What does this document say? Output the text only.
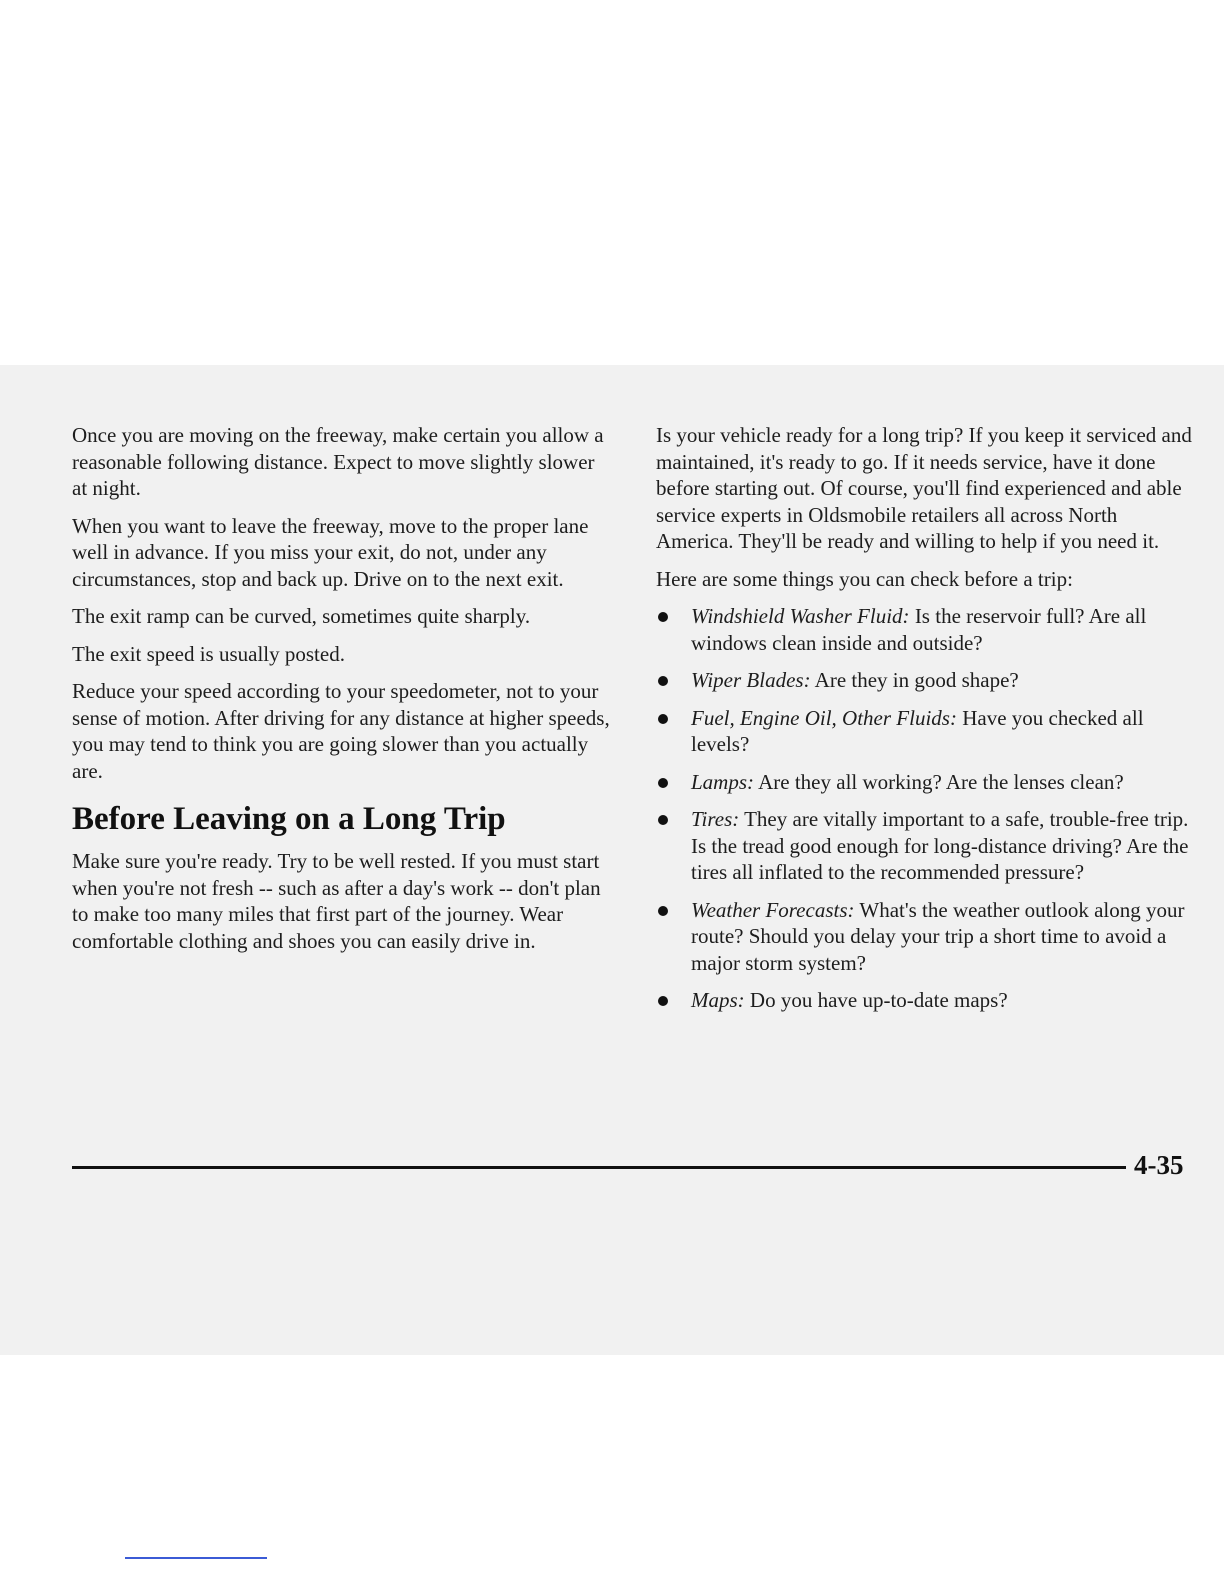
Once you are moving on the freeway, make certain you allow a reasonable following distance. Expect to move slightly slower at night.

When you want to leave the freeway, move to the proper lane well in advance. If you miss your exit, do not, under any circumstances, stop and back up. Drive on to the next exit.

The exit ramp can be curved, sometimes quite sharply.

The exit speed is usually posted.

Reduce your speed according to your speedometer, not to your sense of motion. After driving for any distance at higher speeds, you may tend to think you are going slower than you actually are.

Before Leaving on a Long Trip

Make sure you're ready. Try to be well rested. If you must start when you're not fresh -- such as after a day's work -- don't plan to make too many miles that first part of the journey. Wear comfortable clothing and shoes you can easily drive in.

Is your vehicle ready for a long trip? If you keep it serviced and maintained, it's ready to go. If it needs service, have it done before starting out. Of course, you'll find experienced and able service experts in Oldsmobile retailers all across North America. They'll be ready and willing to help if you need it.

Here are some things you can check before a trip:

Windshield Washer Fluid: Is the reservoir full? Are all windows clean inside and outside?
Wiper Blades: Are they in good shape?
Fuel, Engine Oil, Other Fluids: Have you checked all levels?
Lamps: Are they all working? Are the lenses clean?
Tires: They are vitally important to a safe, trouble-free trip. Is the tread good enough for long-distance driving? Are the tires all inflated to the recommended pressure?
Weather Forecasts: What's the weather outlook along your route? Should you delay your trip a short time to avoid a major storm system?
Maps: Do you have up-to-date maps?
4-35
